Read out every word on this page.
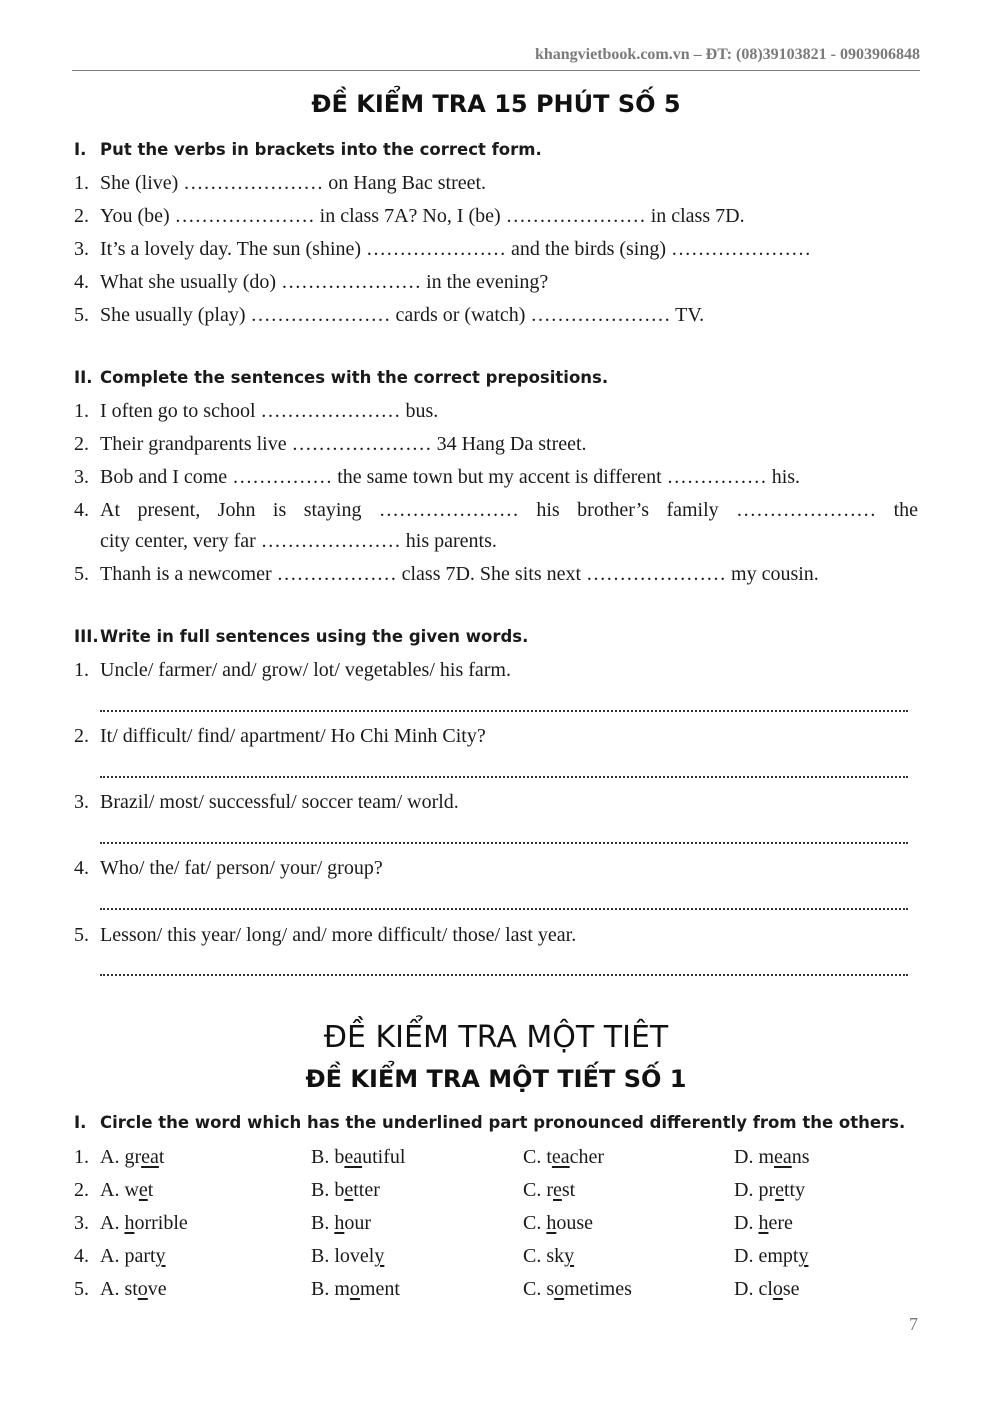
khangvietbook.com.vn – ĐT: (08)39103821 - 0903906848
ĐỀ KIỂM TRA 15 PHÚT SỐ 5
I. Put the verbs in brackets into the correct form.
1. She (live) ………………… on Hang Bac street.
2. You (be) ………………… in class 7A? No, I (be) ………………… in class 7D.
3. It’s a lovely day. The sun (shine) ………………… and the birds (sing) …………………
4. What she usually (do) ………………… in the evening?
5. She usually (play) ………………… cards or (watch) ………………… TV.
II. Complete the sentences with the correct prepositions.
1. I often go to school ………………… bus.
2. Their grandparents live ………………… 34 Hang Da street.
3. Bob and I come …………… the same town but my accent is different …………… his.
4. At present, John is staying ………………… his brother’s family ………………… the
city center, very far ………………… his parents.
5. Thanh is a newcomer ……………… class 7D. She sits next ………………… my cousin.
III.Write in full sentences using the given words.
1. Uncle/ farmer/ and/ grow/ lot/ vegetables/ his farm.
2. It/ difficult/ find/ apartment/ Ho Chi Minh City?
3. Brazil/ most/ successful/ soccer team/ world.
4. Who/ the/ fat/ person/ your/ group?
5. Lesson/ this year/ long/ and/ more difficult/ those/ last year.
ĐỀ KIỂM TRA MỘT TIÊT
ĐỀ KIỂM TRA MỘT TIẾT SỐ 1
I. Circle the word which has the underlined part pronounced differently from the others.
1. A. great	B. beautiful	C. teacher	D. means
2. A. wet	B. better	C. rest	D. pretty
3. A. horrible	B. hour	C. house	D. here
4. A. party	B. lovely	C. sky	D. empty
5. A. stove	B. moment	C. sometimes	D. close
7
